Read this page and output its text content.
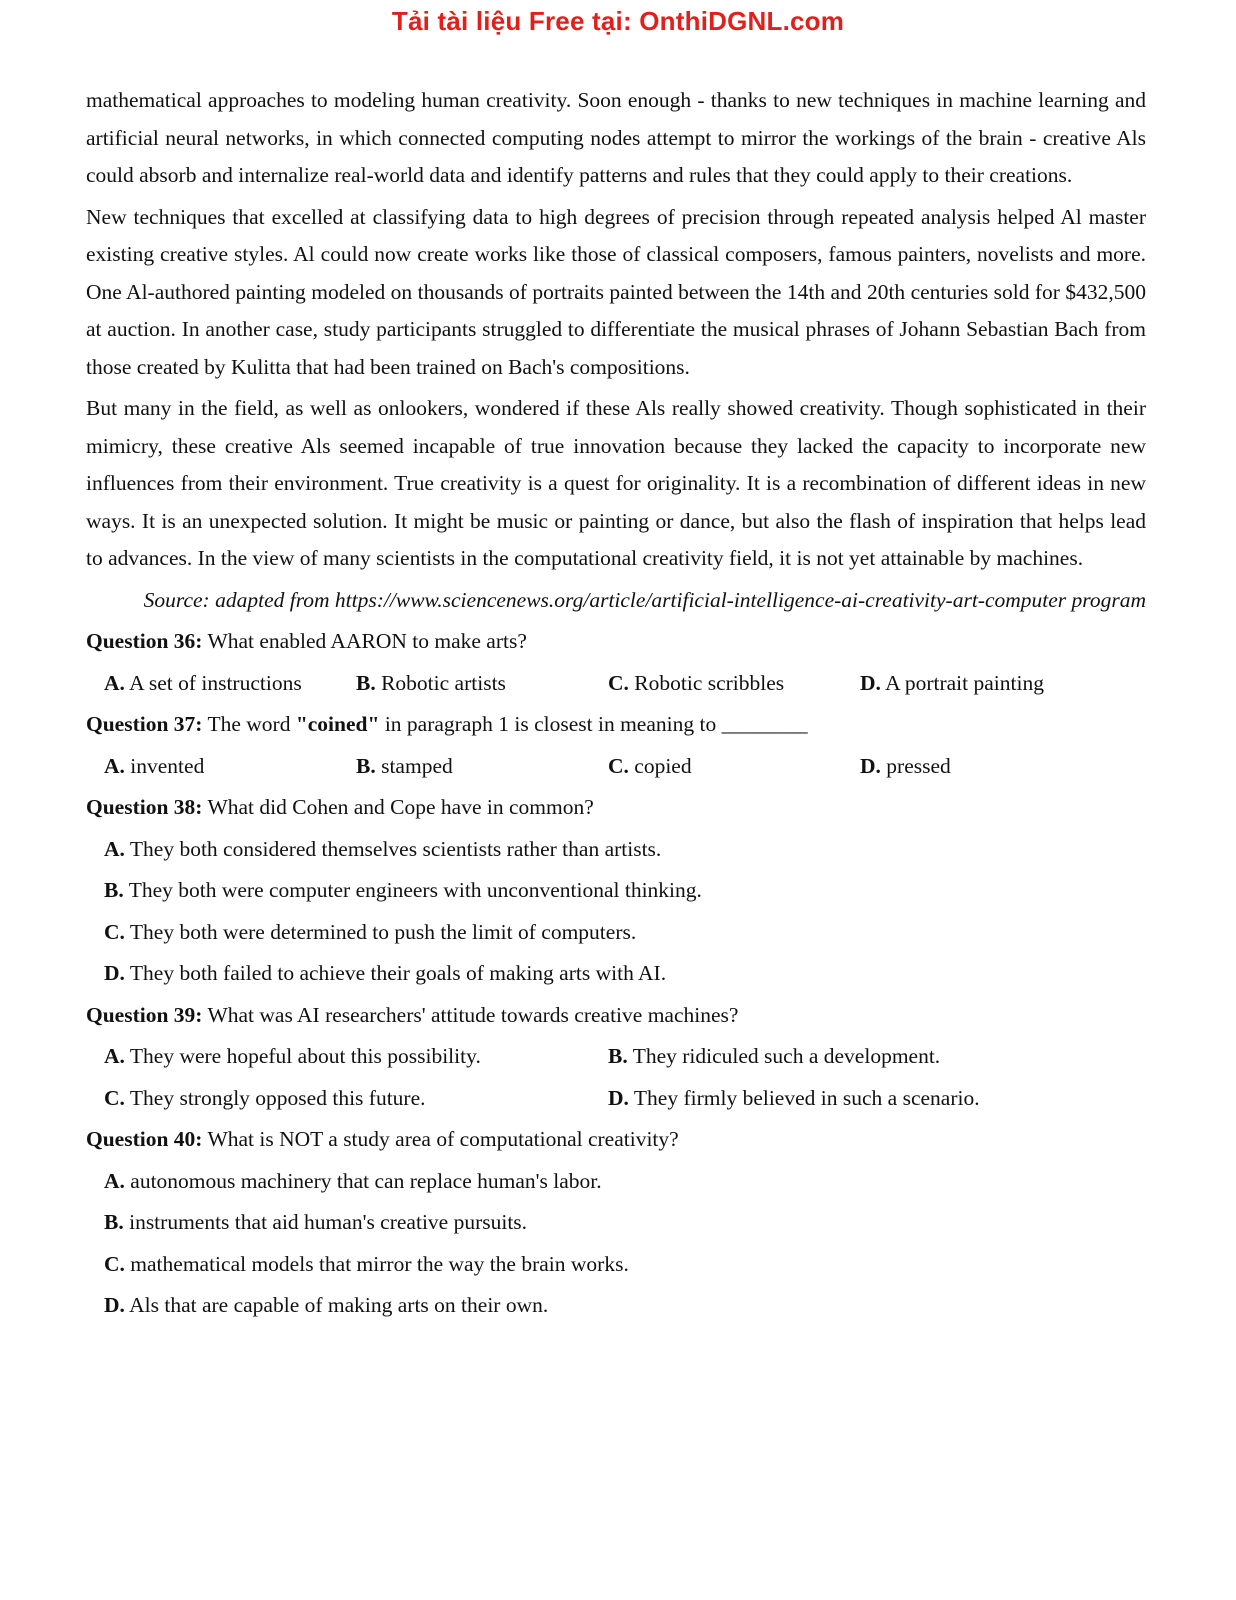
Tải tài liệu Free tại: OnthiDGNL.com

mathematical approaches to modeling human creativity. Soon enough - thanks to new techniques in machine learning and artificial neural networks, in which connected computing nodes attempt to mirror the workings of the brain - creative Als could absorb and internalize real-world data and identify patterns and rules that they could apply to their creations.

New techniques that excelled at classifying data to high degrees of precision through repeated analysis helped Al master existing creative styles. Al could now create works like those of classical composers, famous painters, novelists and more. One Al-authored painting modeled on thousands of portraits painted between the 14th and 20th centuries sold for $432,500 at auction. In another case, study participants struggled to differentiate the musical phrases of Johann Sebastian Bach from those created by Kulitta that had been trained on Bach's compositions.

But many in the field, as well as onlookers, wondered if these Als really showed creativity. Though sophisticated in their mimicry, these creative Als seemed incapable of true innovation because they lacked the capacity to incorporate new influences from their environment. True creativity is a quest for originality. It is a recombination of different ideas in new ways. It is an unexpected solution. It might be music or painting or dance, but also the flash of inspiration that helps lead to advances. In the view of many scientists in the computational creativity field, it is not yet attainable by machines.

Source: adapted from https://www.sciencenews.org/article/artificial-intelligence-ai-creativity-art-computer program

Question 36: What enabled AARON to make arts?
A. A set of instructions	B. Robotic artists	C. Robotic scribbles	D. A portrait painting
Question 37: The word "coined" in paragraph 1 is closest in meaning to ________
A. invented	B. stamped	C. copied	D. pressed
Question 38: What did Cohen and Cope have in common?
A. They both considered themselves scientists rather than artists.
B. They both were computer engineers with unconventional thinking.
C. They both were determined to push the limit of computers.
D. They both failed to achieve their goals of making arts with AI.
Question 39: What was AI researchers' attitude towards creative machines?
A. They were hopeful about this possibility.	B. They ridiculed such a development.
C. They strongly opposed this future.	D. They firmly believed in such a scenario.
Question 40: What is NOT a study area of computational creativity?
A. autonomous machinery that can replace human's labor.
B. instruments that aid human's creative pursuits.
C. mathematical models that mirror the way the brain works.
D. Als that are capable of making arts on their own.
